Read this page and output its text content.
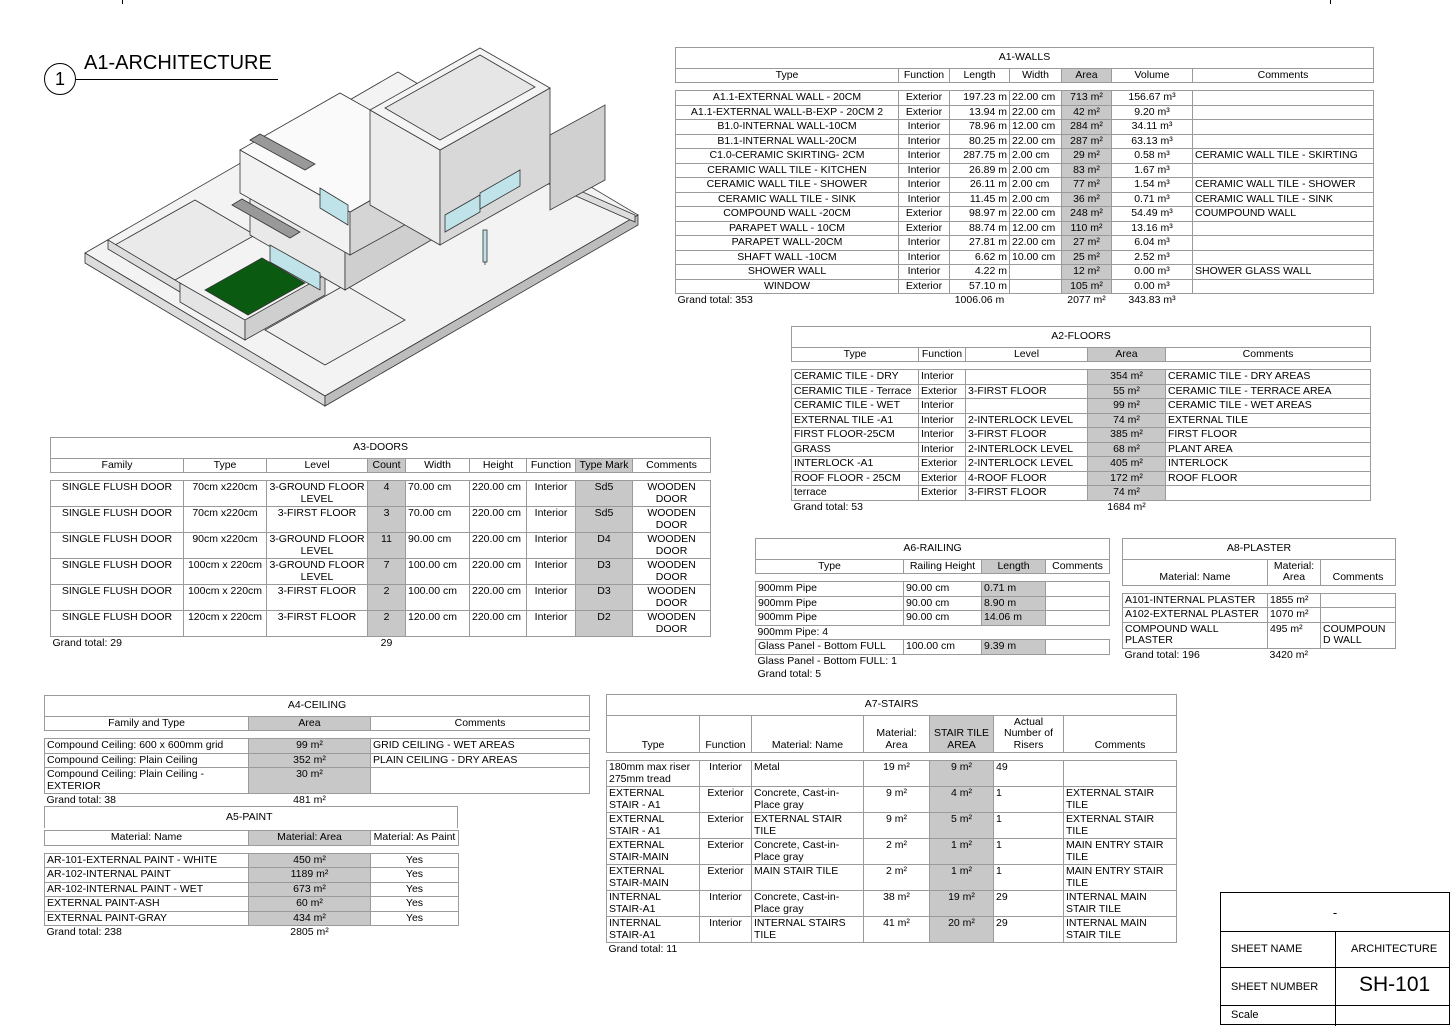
1
A1-ARCHITECTURE	A1-WALLS						
Type	Function	Length	Width	Area	Volume	Comments

A1.1-EXTERNAL WALL - 20CM	Exterior	197.23 m	22.00 cm	713 m²	156.67 m³	
A1.1-EXTERNAL WALL-B-EXP - 20CM 2	Exterior	13.94 m	22.00 cm	42 m²	9.20 m³	
B1.0-INTERNAL WALL-10CM	Interior	78.96 m	12.00 cm	284 m²	34.11 m³	
B1.1-INTERNAL WALL-20CM	Interior	80.25 m	22.00 cm	287 m²	63.13 m³	
C1.0-CERAMIC SKIRTING- 2CM	Interior	287.75 m	2.00 cm	29 m²	0.58 m³	CERAMIC WALL TILE - SKIRTING
CERAMIC WALL TILE - KITCHEN	Interior	26.89 m	2.00 cm	83 m²	1.67 m³	
CERAMIC WALL TILE - SHOWER	Interior	26.11 m	2.00 cm	77 m²	1.54 m³	CERAMIC WALL TILE - SHOWER
CERAMIC WALL TILE - SINK	Interior	11.45 m	2.00 cm	36 m²	0.71 m³	CERAMIC WALL TILE - SINK
COMPOUND WALL -20CM	Exterior	98.97 m	22.00 cm	248 m²	54.49 m³	COUMPOUND WALL
PARAPET WALL - 10CM	Exterior	88.74 m	12.00 cm	110 m²	13.16 m³	
PARAPET WALL-20CM	Interior	27.81 m	22.00 cm	27 m²	6.04 m³	
SHAFT WALL -10CM	Interior	6.62 m	10.00 cm	25 m²	2.52 m³	
SHOWER WALL	Interior	4.22 m		12 m²	0.00 m³	SHOWER GLASS WALL
WINDOW	Exterior	57.10 m		105 m²	0.00 m³	
Grand total: 353		1006.06 m		2077 m²	343.83 m³	
A2-FLOORS				
Type	Function	Level	Area	Comments

CERAMIC TILE - DRY	Interior		354 m²	CERAMIC TILE - DRY AREAS
CERAMIC TILE - Terrace	Exterior	3-FIRST FLOOR	55 m²	CERAMIC TILE - TERRACE AREA
CERAMIC TILE - WET	Interior		99 m²	CERAMIC TILE - WET AREAS
EXTERNAL TILE -A1	Interior	2-INTERLOCK LEVEL	74 m²	EXTERNAL TILE
FIRST FLOOR-25CM	Interior	3-FIRST FLOOR	385 m²	FIRST FLOOR
GRASS	Interior	2-INTERLOCK LEVEL	68 m²	PLANT AREA
INTERLOCK -A1	Exterior	2-INTERLOCK LEVEL	405 m²	INTERLOCK
ROOF FLOOR - 25CM	Exterior	4-ROOF FLOOR	172 m²	ROOF FLOOR
terrace	Exterior	3-FIRST FLOOR	74 m²	
Grand total: 53			1684 m²	
A3-DOORS								
Family	Type	Level	Count	Width	Height	Function	Type Mark	Comments

SINGLE FLUSH DOOR	70cm x220cm	3-GROUND FLOOR LEVEL	4	70.00 cm	220.00 cm	Interior	Sd5	WOODEN DOOR
SINGLE FLUSH DOOR	70cm x220cm	3-FIRST FLOOR	3	70.00 cm	220.00 cm	Interior	Sd5	WOODEN DOOR
SINGLE FLUSH DOOR	90cm x220cm	3-GROUND FLOOR LEVEL	11	90.00 cm	220.00 cm	Interior	D4	WOODEN DOOR
SINGLE FLUSH DOOR	100cm x 220cm	3-GROUND FLOOR LEVEL	7	100.00 cm	220.00 cm	Interior	D3	WOODEN DOOR
SINGLE FLUSH DOOR	100cm x 220cm	3-FIRST FLOOR	2	100.00 cm	220.00 cm	Interior	D3	WOODEN DOOR
SINGLE FLUSH DOOR	120cm x 220cm	3-FIRST FLOOR	2	120.00 cm	220.00 cm	Interior	D2	WOODEN DOOR
Grand total: 29			29					
A6-RAILING			
Type	Railing Height	Length	Comments

900mm Pipe	90.00 cm	0.71 m	
900mm Pipe	90.00 cm	8.90 m	
900mm Pipe	90.00 cm	14.06 m	
900mm Pipe: 4			
Glass Panel - Bottom FULL	100.00 cm	9.39 m	
Glass Panel - Bottom FULL: 1			
Grand total: 5			
A8-PLASTER		
Material: Name	Material: Area	Comments

A101-INTERNAL PLASTER	1855 m²	
A102-EXTERNAL PLASTER	1070 m²	
COMPOUND WALL PLASTER	495 m²	COUMPOUN D WALL
Grand total: 196	3420 m²	
A4-CEILING		
Family and Type	Area	Comments

Compound Ceiling: 600 x 600mm grid	99 m²	GRID CEILING - WET AREAS
Compound Ceiling: Plain Ceiling	352 m²	PLAIN CEILING - DRY AREAS
Compound Ceiling: Plain Ceiling - EXTERIOR	30 m²	
Grand total: 38	481 m²	
Material: Name	Material: Area	Material: As Paint

AR-101-EXTERNAL PAINT - WHITE	450 m²	Yes
AR-102-INTERNAL PAINT	1189 m²	Yes
AR-102-INTERNAL PAINT - WET	673 m²	Yes
EXTERNAL PAINT-ASH	60 m²	Yes
EXTERNAL PAINT-GRAY	434 m²	Yes
Grand total: 238	2805 m²	
A5-PAINT
A7-STAIRS						
Type	Function	Material: Name	Material: Area	STAIR TILE AREA	Actual Number of Risers	Comments

180mm max riser 275mm tread	Interior	Metal	19 m²	9 m²	49	
EXTERNAL STAIR - A1	Exterior	Concrete, Cast-in-Place gray	9 m²	4 m²	1	EXTERNAL STAIR TILE
EXTERNAL STAIR - A1	Exterior	EXTERNAL STAIR TILE	9 m²	5 m²	1	EXTERNAL STAIR TILE
EXTERNAL STAIR-MAIN	Exterior	Concrete, Cast-in-Place gray	2 m²	1 m²	1	MAIN ENTRY STAIR TILE
EXTERNAL STAIR-MAIN	Exterior	MAIN STAIR TILE	2 m²	1 m²	1	MAIN ENTRY STAIR TILE
INTERNAL STAIR-A1	Interior	Concrete, Cast-in-Place gray	38 m²	19 m²	29	INTERNAL MAIN STAIR TILE
INTERNAL STAIR-A1	Interior	INTERNAL STAIRS TILE	41 m²	20 m²	29	INTERNAL MAIN STAIR TILE
Grand total: 11						
-
SHEET NAME	ARCHITECTURE
SHEET NUMBER SH-101
Scale
